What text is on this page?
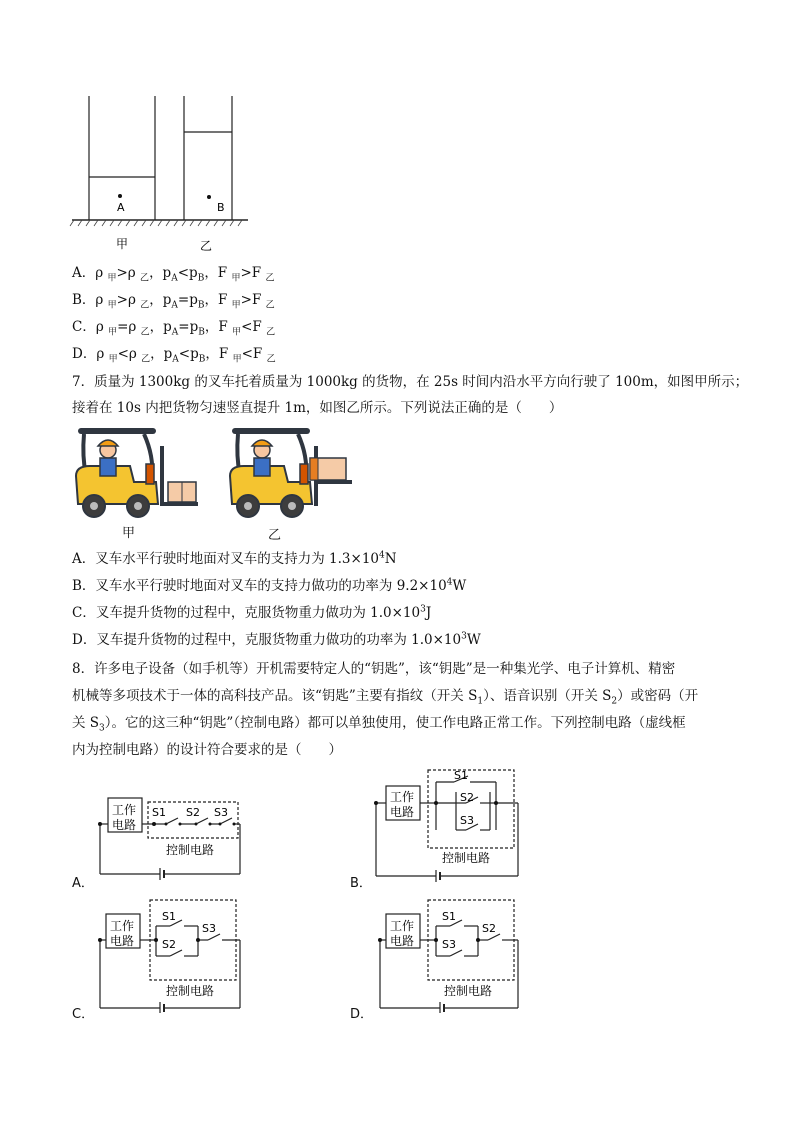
A	B
甲	乙
A．ρ $_甲$>ρ $_乙$，$p_A<p_B$，F $_甲$>F $_乙$
B．ρ $_甲$>ρ $_乙$，$p_A=p_B$，F $_甲$>F $_乙$
C．ρ $_甲$=ρ $_乙$，$p_A=p_B$，F $_甲$<F $_乙$
D．ρ $_甲$<ρ $_乙$，$p_A<p_B$，F $_甲$<F $_乙$
7．质量为 1300kg 的叉车托着质量为 1000kg 的货物，在 25s 时间内沿水平方向行驶了 100m，如图甲所示；
接着在 10s 内把货物匀速竖直提升 1m，如图乙所示。下列说法正确的是（　　）
甲	乙
A．叉车水平行驶时地面对叉车的支持力为 $1.3\times 10^4N$
B．叉车水平行驶时地面对叉车的支持力做功的功率为 $9.2\times 10^4W$
C．叉车提升货物的过程中，克服货物重力做功为 $1.0\times 10^3J$
D．叉车提升货物的过程中，克服货物重力做功的功率为 $1.0\times 10^3W$
8．许多电子设备（如手机等）开机需要特定人的“钥匙”，该“钥匙”是一种集光学、电子计算机、精密
机械等多项技术于一体的高科技产品。该“钥匙”主要有指纹（开关 $S_1$）、语音识别（开关 $S_2$）或密码（开
关 $S_3$）。它的这三种“钥匙”（控制电路）都可以单独使用，使工作电路正常工作。下列控制电路（虚线框
内为控制电路）的设计符合要求的是（　　）
工作
电路
S1 S2 S3
控制电路
A．
工作
电路
S1
S2
S3
控制电路
B．
工作
电路
S1
S2
S3
控制电路
C．
工作
电路
S1
S3
S2
控制电路
D．
